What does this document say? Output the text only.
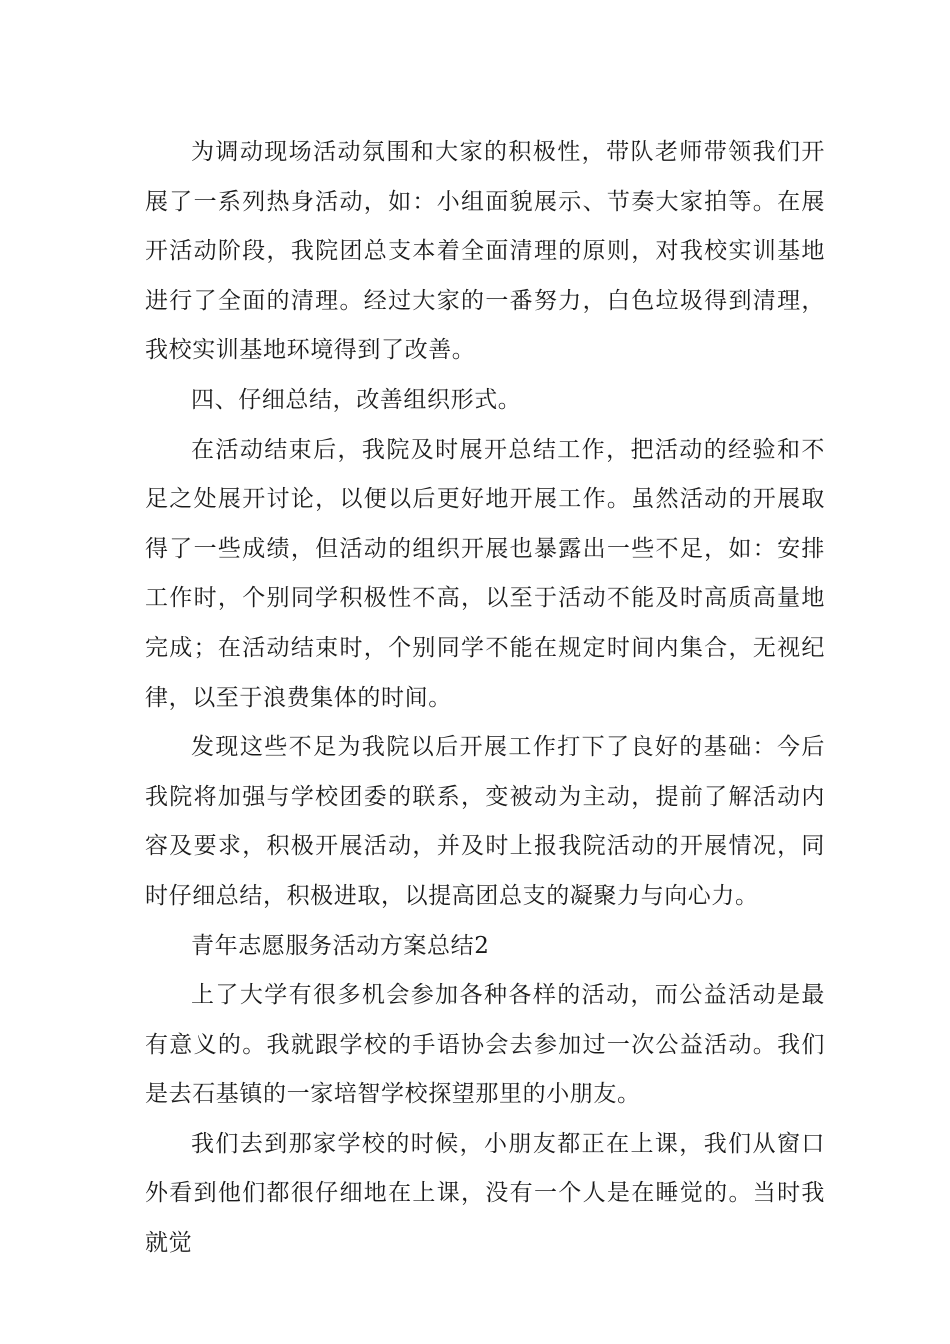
为调动现场活动氛围和大家的积极性，带队老师带领我们开展了一系列热身活动，如：小组面貌展示、节奏大家拍等。在展开活动阶段，我院团总支本着全面清理的原则，对我校实训基地进行了全面的清理。经过大家的一番努力，白色垃圾得到清理，我校实训基地环境得到了改善。

四、仔细总结，改善组织形式。

在活动结束后，我院及时展开总结工作，把活动的经验和不足之处展开讨论，以便以后更好地开展工作。虽然活动的开展取得了一些成绩，但活动的组织开展也暴露出一些不足，如：安排工作时，个别同学积极性不高，以至于活动不能及时高质高量地完成；在活动结束时，个别同学不能在规定时间内集合，无视纪律，以至于浪费集体的时间。

发现这些不足为我院以后开展工作打下了良好的基础：今后我院将加强与学校团委的联系，变被动为主动，提前了解活动内容及要求，积极开展活动，并及时上报我院活动的开展情况，同时仔细总结，积极进取，以提高团总支的凝聚力与向心力。

青年志愿服务活动方案总结2

上了大学有很多机会参加各种各样的活动，而公益活动是最有意义的。我就跟学校的手语协会去参加过一次公益活动。我们是去石基镇的一家培智学校探望那里的小朋友。

我们去到那家学校的时候，小朋友都正在上课，我们从窗口外看到他们都很仔细地在上课，没有一个人是在睡觉的。当时我就觉
